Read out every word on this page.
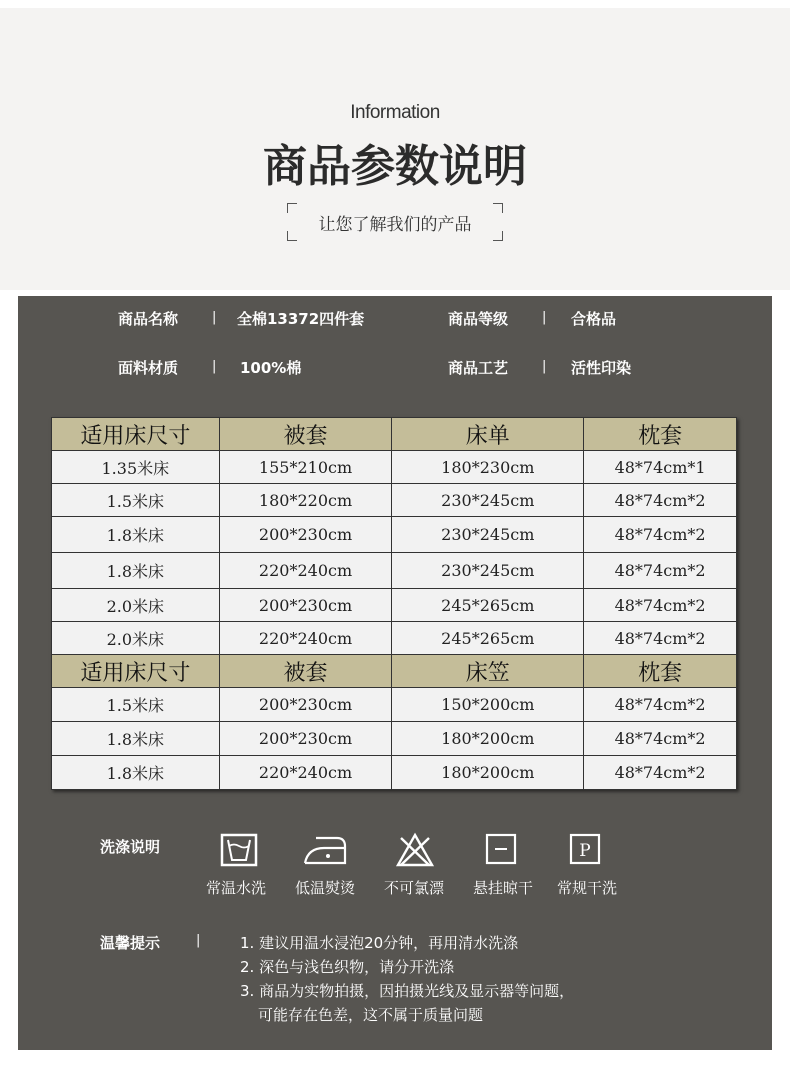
Information
商品参数说明
让您了解我们的产品
商品名称	| 全棉13372四件套	商品等级	| 合格品
面料材质	| 100%棉	商品工艺	| 活性印染
适用床尺寸	被套	床单	枕套
1.35米床	155*210cm	180*230cm	48*74cm*1
1.5米床	180*220cm	230*245cm	48*74cm*2
1.8米床	200*230cm	230*245cm	48*74cm*2
1.8米床	220*240cm	230*245cm	48*74cm*2
2.0米床	200*230cm	245*265cm	48*74cm*2
2.0米床	220*240cm	245*265cm	48*74cm*2
适用床尺寸	被套	床笠	枕套
1.5米床	200*230cm	150*200cm	48*74cm*2
1.8米床	200*230cm	180*200cm	48*74cm*2
1.8米床	220*240cm	180*200cm	48*74cm*2
洗涤说明	P
常温水洗	低温熨烫	不可氯漂	悬挂晾干	常规干洗
温馨提示	|	1. 建议用温水浸泡20分钟，再用清水洗涤
2. 深色与浅色织物，请分开洗涤
3. 商品为实物拍摄，因拍摄光线及显示器等问题，
可能存在色差，这不属于质量问题
